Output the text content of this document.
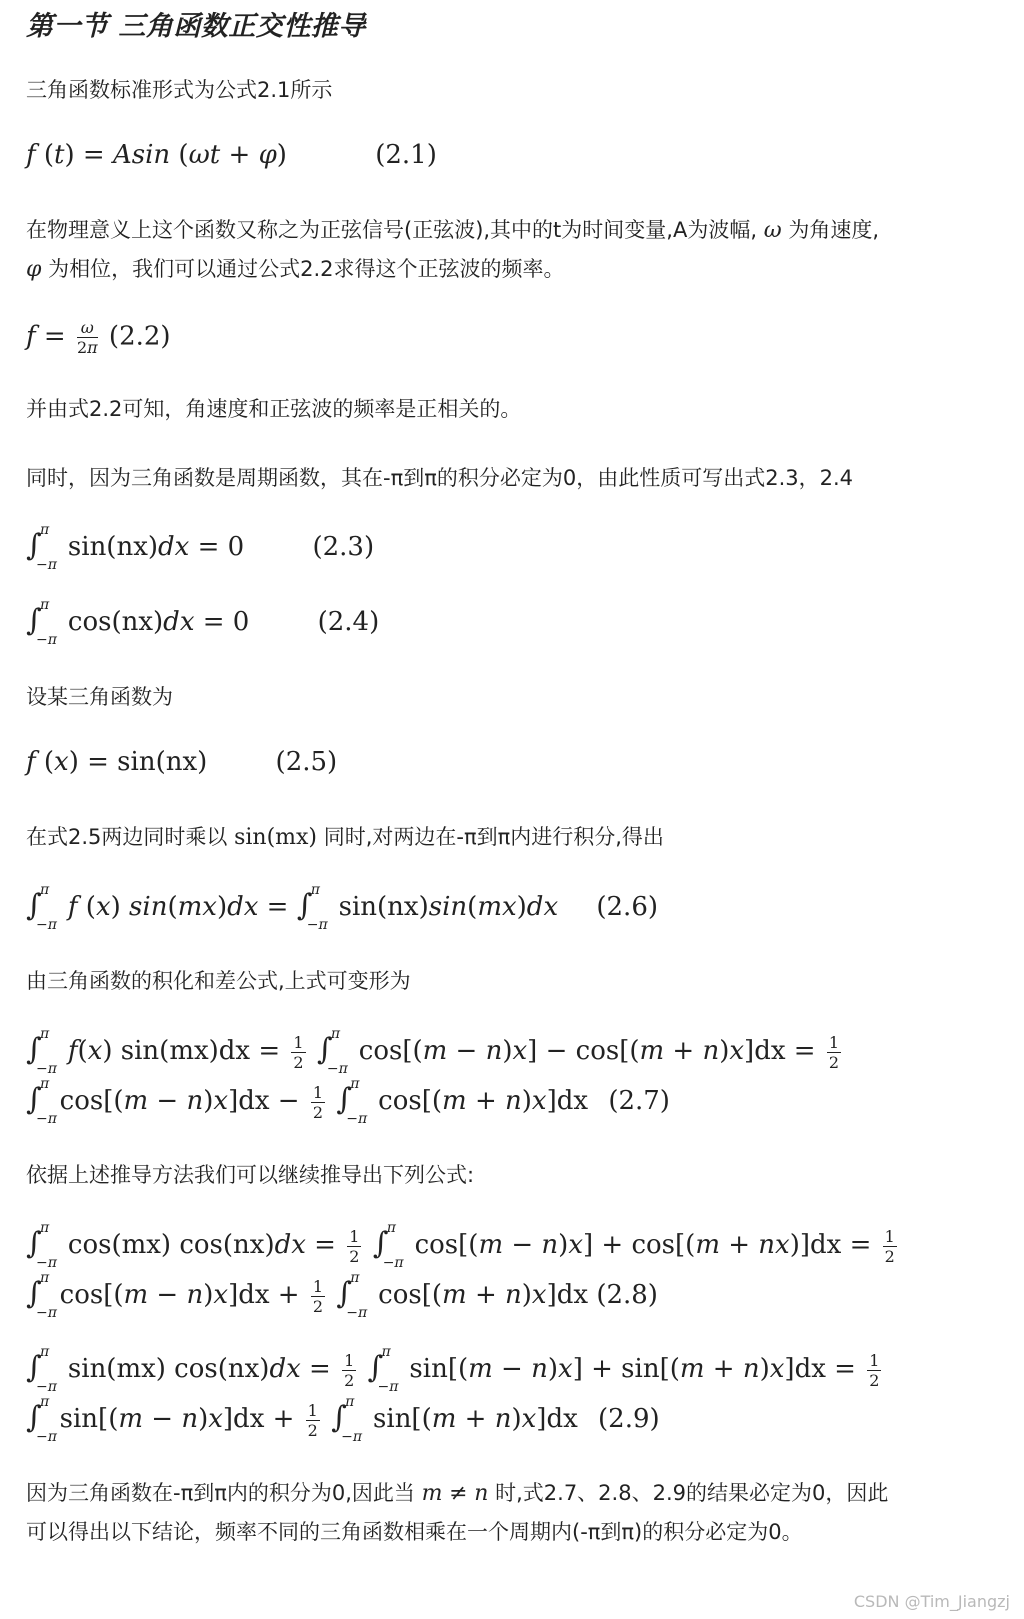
第一节 三角函数正交性推导
三角函数标准形式为公式2.1所示
f (t) = Asin (ωt + φ)	(2.1)
在物理意义上这个函数又称之为正弦信号(正弦波),其中的t为时间变量,A为波幅, ω 为角速度,
φ 为相位，我们可以通过公式2.2求得这个正弦波的频率。
$f = \frac{\omega}{2\pi} (2.2)$
并由式2.2可知，角速度和正弦波的频率是正相关的。
同时，因为三角函数是周期函数，其在-π到π的积分必定为0，由此性质可写出式2.3，2.4
∫
π
−π
sin(nx)dx = 0 (2.3)
∫
π
−π
cos(nx)dx = 0 (2.4)
设某三角函数为
f (x) = sin(nx) (2.5)
在式2.5两边同时乘以 sin(mx) 同时,对两边在-π到π内进行积分,得出
∫
π
−π
f (x) sin(mx)dx = ∫
π
−π
sin(nx)sin(mx)dx (2.6)
由三角函数的积化和差公式,上式可变形为
∫
π
−π
f(x) $\sin(mx)dx = \frac{1}{2}$ ∫
π
−π
$\cos[(m - n)x] - \cos[(m + n)x]dx = \frac{1}{2}$
∫
π
−π
$\cos[(m - n)x]dx - \frac{1}{2}$ ∫
π
−π
cos[(m + n)x]dx (2.7)
依据上述推导方法我们可以继续推导出下列公式:
∫
π
−π
cos(mx) $\cos(nx)dx = \frac{1}{2}$ ∫
π
−π
$\cos[(m - n)x] + \cos[(m + nx)]dx = \frac{1}{2}$
∫
π
−π
$\cos[(m - n)x]dx + \frac{1}{2}$ ∫
π
−π
cos[(m + n)x]dx (2.8)
∫
π
−π
sin(mx) $\cos(nx)dx = \frac{1}{2}$ ∫
π
−π
$\sin[(m - n)x] + \sin[(m + n)x]dx = \frac{1}{2}$
∫
π
−π
$\sin[(m - n)x]dx + \frac{1}{2}$ ∫
π
−π
sin[(m + n)x]dx (2.9)
因为三角函数在-π到π内的积分为0,因此当 m ≠ n 时,式2.7、2.8、2.9的结果必定为0，因此
可以得出以下结论，频率不同的三角函数相乘在一个周期内(-π到π)的积分必定为0。
CSDN @Tim_Jiangzj
